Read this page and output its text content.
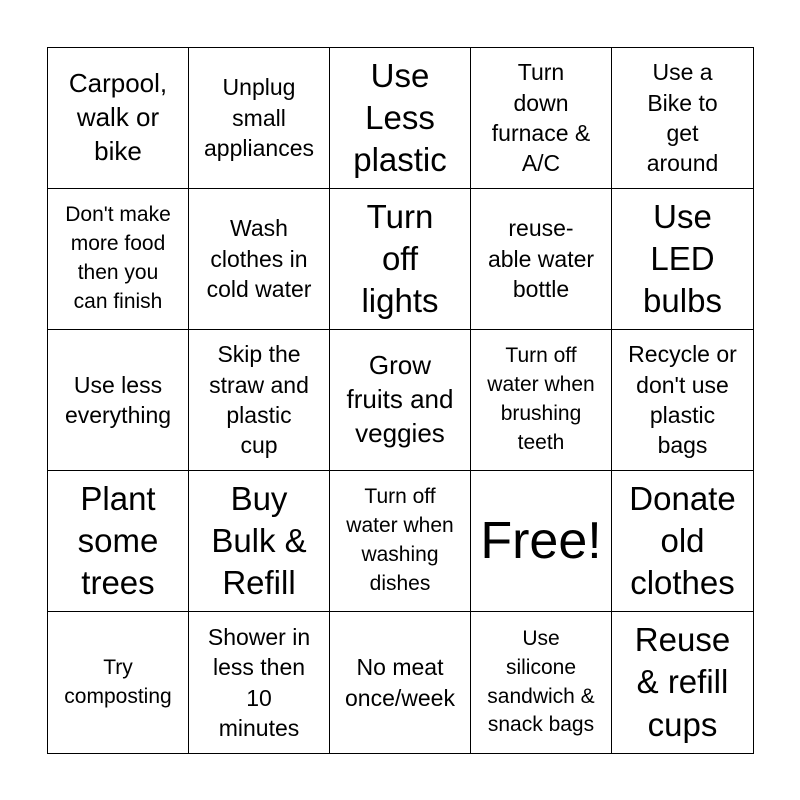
Carpool,
walk or
bike
Unplug
small
appliances
Use
Less
plastic
Turn
down
furnace &
A/C
Use a
Bike to
get
around
Don't make
more food
then you
can finish
Wash
clothes in
cold water
Turn
off
lights
reuse-
able water
bottle
Use
LED
bulbs
Use less
everything
Skip the
straw and
plastic
cup
Grow
fruits and
veggies
Turn off
water when
brushing
teeth
Recycle or
don't use
plastic
bags
Plant
some
trees
Buy
Bulk &
Refill
Turn off
water when
washing
dishes
Free!
Donate
old
clothes
Try
composting
Shower in
less then
10
minutes
No meat
once/week
Use
silicone
sandwich &
snack bags
Reuse
& refill
cups
